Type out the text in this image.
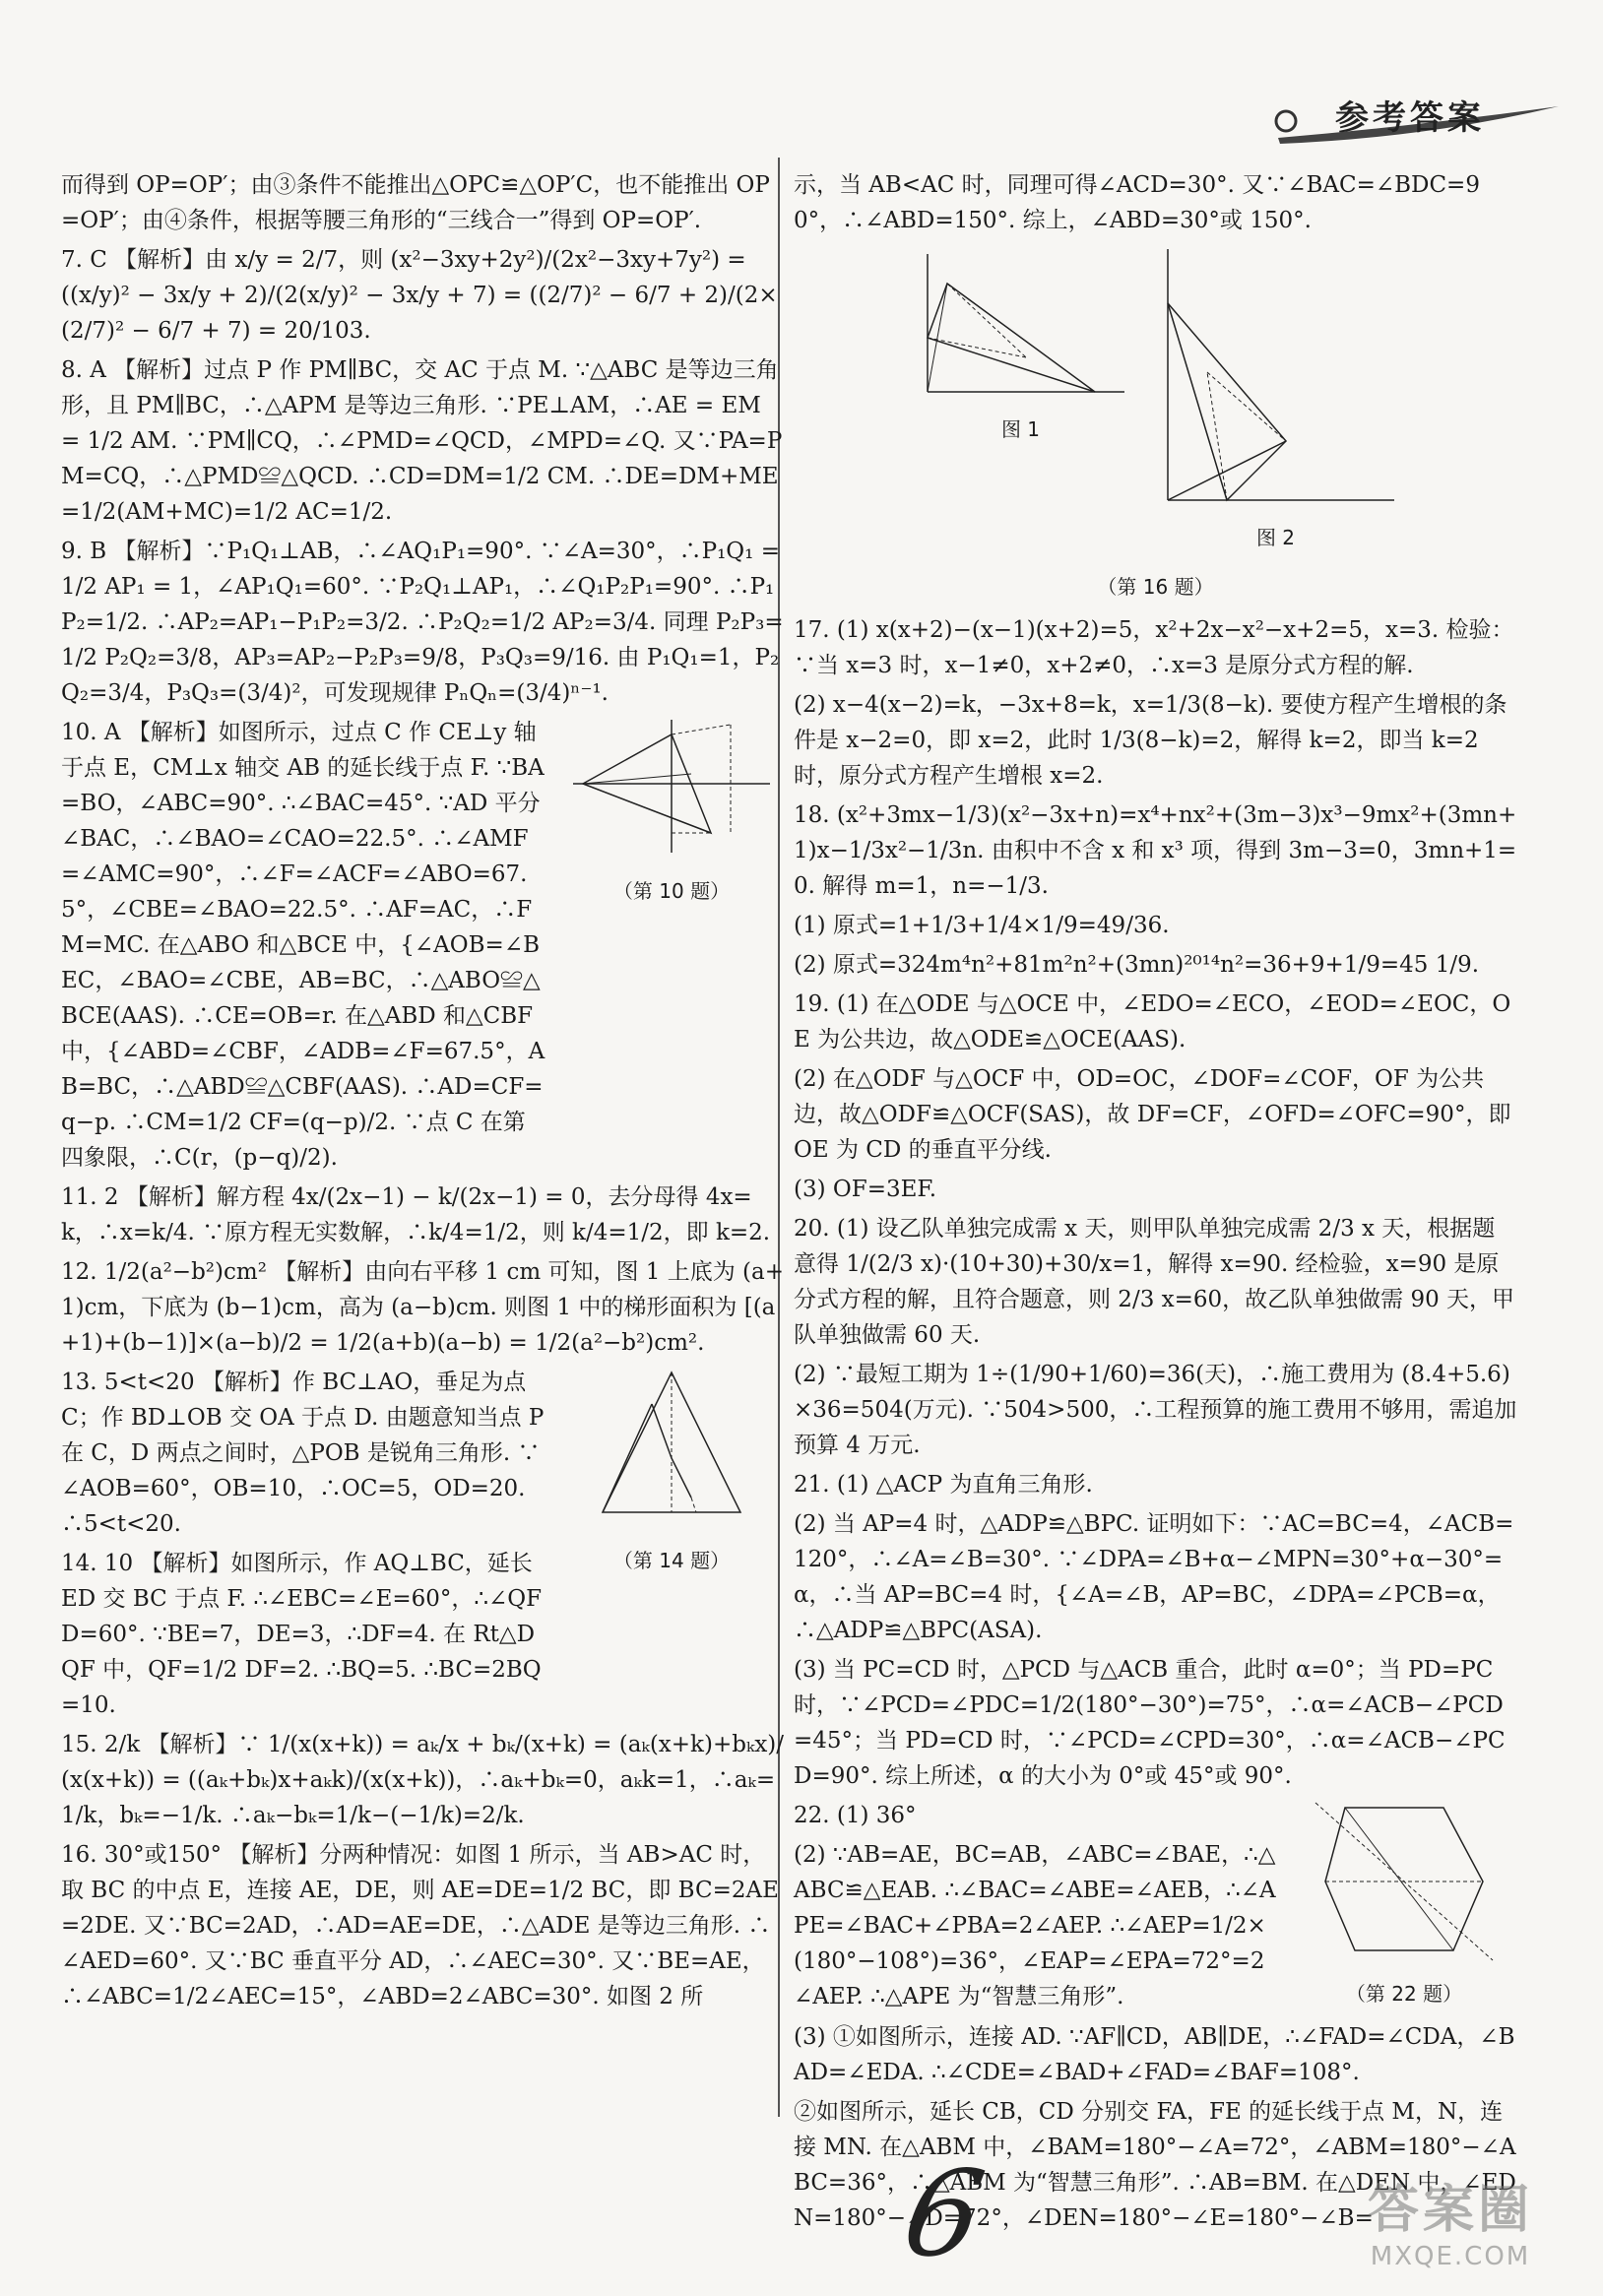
参考答案

而得到 OP=OP′；由③条件不能推出△OPC≌△OP′C，也不能推出 OP=OP′；由④条件，根据等腰三角形的“三线合一”得到 OP=OP′.

7. C 【解析】由 x/y = 2/7，则 (x²−3xy+2y²)/(2x²−3xy+7y²) = ((x/y)² − 3x/y + 2)/(2(x/y)² − 3x/y + 7) = ((2/7)² − 6/7 + 2)/(2×(2/7)² − 6/7 + 7) = 20/103.

8. A 【解析】过点 P 作 PM∥BC，交 AC 于点 M. ∵△ABC 是等边三角形，且 PM∥BC，∴△APM 是等边三角形. ∵PE⊥AM，∴AE = EM = 1/2 AM. ∵PM∥CQ，∴∠PMD=∠QCD，∠MPD=∠Q. 又∵PA=PM=CQ，∴△PMD≌△QCD. ∴CD=DM=1/2 CM. ∴DE=DM+ME=1/2(AM+MC)=1/2 AC=1/2.

9. B 【解析】∵P₁Q₁⊥AB，∴∠AQ₁P₁=90°. ∵∠A=30°，∴P₁Q₁ = 1/2 AP₁ = 1，∠AP₁Q₁=60°. ∵P₂Q₁⊥AP₁，∴∠Q₁P₂P₁=90°. ∴P₁P₂=1/2. ∴AP₂=AP₁−P₁P₂=3/2. ∴P₂Q₂=1/2 AP₂=3/4. 同理 P₂P₃=1/2 P₂Q₂=3/8，AP₃=AP₂−P₂P₃=9/8，P₃Q₃=9/16. 由 P₁Q₁=1，P₂Q₂=3/4，P₃Q₃=(3/4)²，可发现规律 PₙQₙ=(3/4)ⁿ⁻¹.

10. A 【解析】如图所示，过点 C 作 CE⊥y 轴于点 E，CM⊥x 轴交 AB 的延长线于点 F. ∵BA=BO，∠ABC=90°. ∴∠BAC=45°. ∵AD 平分∠BAC，∴∠BAO=∠CAO=22.5°. ∴∠AMF=∠AMC=90°，∴∠F=∠ACF=∠ABO=67.5°，∠CBE=∠BAO=22.5°. ∴AF=AC，∴FM=MC. 在△ABO 和△BCE 中，{∠AOB=∠BEC，∠BAO=∠CBE，AB=BC，∴△ABO≌△BCE(AAS). ∴CE=OB=r. 在△ABD 和△CBF 中，{∠ABD=∠CBF，∠ADB=∠F=67.5°，AB=BC，∴△ABD≌△CBF(AAS). ∴AD=CF=q−p. ∴CM=1/2 CF=(q−p)/2. ∵点 C 在第四象限，∴C(r，(p−q)/2).

（第 10 题）

11. 2 【解析】解方程 4x/(2x−1) − k/(2x−1) = 0，去分母得 4x=k，∴x=k/4. ∵原方程无实数解，∴k/4=1/2，则 k/4=1/2，即 k=2.

12. 1/2(a²−b²)cm² 【解析】由向右平移 1 cm 可知，图 1 上底为 (a+1)cm，下底为 (b−1)cm，高为 (a−b)cm. 则图 1 中的梯形面积为 [(a+1)+(b−1)]×(a−b)/2 = 1/2(a+b)(a−b) = 1/2(a²−b²)cm².

13. 5<t<20 【解析】作 BC⊥AO，垂足为点 C；作 BD⊥OB 交 OA 于点 D. 由题意知当点 P 在 C，D 两点之间时，△POB 是锐角三角形. ∵∠AOB=60°，OB=10，∴OC=5，OD=20. ∴5<t<20.

14. 10 【解析】如图所示，作 AQ⊥BC，延长 ED 交 BC 于点 F. ∴∠EBC=∠E=60°，∴∠QFD=60°. ∵BE=7，DE=3，∴DF=4. 在 Rt△DQF 中，QF=1/2 DF=2. ∴BQ=5. ∴BC=2BQ=10.

（第 14 题）

15. 2/k 【解析】∵ 1/(x(x+k)) = aₖ/x + bₖ/(x+k) = (aₖ(x+k)+bₖx)/(x(x+k)) = ((aₖ+bₖ)x+aₖk)/(x(x+k))，∴aₖ+bₖ=0，aₖk=1，∴aₖ=1/k，bₖ=−1/k. ∴aₖ−bₖ=1/k−(−1/k)=2/k.

16. 30°或150° 【解析】分两种情况：如图 1 所示，当 AB>AC 时，取 BC 的中点 E，连接 AE，DE，则 AE=DE=1/2 BC，即 BC=2AE=2DE. 又∵BC=2AD，∴AD=AE=DE，∴△ADE 是等边三角形. ∴∠AED=60°. 又∵BC 垂直平分 AD，∴∠AEC=30°. 又∵BE=AE，∴∠ABC=1/2∠AEC=15°，∠ABD=2∠ABC=30°. 如图 2 所

示，当 AB<AC 时，同理可得∠ACD=30°. 又∵∠BAC=∠BDC=90°，∴∠ABD=150°. 综上，∠ABD=30°或 150°.

图 1
图 2
（第 16 题）

17. (1) x(x+2)−(x−1)(x+2)=5，x²+2x−x²−x+2=5，x=3. 检验：∵当 x=3 时，x−1≠0，x+2≠0，∴x=3 是原分式方程的解.

(2) x−4(x−2)=k，−3x+8=k，x=1/3(8−k). 要使方程产生增根的条件是 x−2=0，即 x=2，此时 1/3(8−k)=2，解得 k=2，即当 k=2 时，原分式方程产生增根 x=2.

18. (x²+3mx−1/3)(x²−3x+n)=x⁴+nx²+(3m−3)x³−9mx²+(3mn+1)x−1/3x²−1/3n. 由积中不含 x 和 x³ 项，得到 3m−3=0，3mn+1=0. 解得 m=1，n=−1/3.

(1) 原式=1+1/3+1/4×1/9=49/36.

(2) 原式=324m⁴n²+81m²n²+(3mn)²⁰¹⁴n²=36+9+1/9=45 1/9.

19. (1) 在△ODE 与△OCE 中，∠EDO=∠ECO，∠EOD=∠EOC，OE 为公共边，故△ODE≌△OCE(AAS).

(2) 在△ODF 与△OCF 中，OD=OC，∠DOF=∠COF，OF 为公共边，故△ODF≌△OCF(SAS)，故 DF=CF，∠OFD=∠OFC=90°，即 OE 为 CD 的垂直平分线.

(3) OF=3EF.

20. (1) 设乙队单独完成需 x 天，则甲队单独完成需 2/3 x 天，根据题意得 1/(2/3 x)·(10+30)+30/x=1，解得 x=90. 经检验，x=90 是原分式方程的解，且符合题意，则 2/3 x=60，故乙队单独做需 90 天，甲队单独做需 60 天.

(2) ∵最短工期为 1÷(1/90+1/60)=36(天)，∴施工费用为 (8.4+5.6)×36=504(万元). ∵504>500，∴工程预算的施工费用不够用，需追加预算 4 万元.

21. (1) △ACP 为直角三角形.

(2) 当 AP=4 时，△ADP≌△BPC. 证明如下：∵AC=BC=4，∠ACB=120°，∴∠A=∠B=30°. ∵∠DPA=∠B+α−∠MPN=30°+α−30°=α，∴当 AP=BC=4 时，{∠A=∠B，AP=BC，∠DPA=∠PCB=α，∴△ADP≌△BPC(ASA).

(3) 当 PC=CD 时，△PCD 与△ACB 重合，此时 α=0°；当 PD=PC 时，∵∠PCD=∠PDC=1/2(180°−30°)=75°，∴α=∠ACB−∠PCD=45°；当 PD=CD 时，∵∠PCD=∠CPD=30°，∴α=∠ACB−∠PCD=90°. 综上所述，α 的大小为 0°或 45°或 90°.

22. (1) 36°

(2) ∵AB=AE，BC=AB，∠ABC=∠BAE，∴△ABC≌△EAB. ∴∠BAC=∠ABE=∠AEB，∴∠APE=∠BAC+∠PBA=2∠AEP. ∴∠AEP=1/2×(180°−108°)=36°，∠EAP=∠EPA=72°=2∠AEP. ∴△APE 为“智慧三角形”.	（第 22 题）

(3) ①如图所示，连接 AD. ∵AF∥CD，AB∥DE，∴∠FAD=∠CDA，∠BAD=∠EDA. ∴∠CDE=∠BAD+∠FAD=∠BAF=108°.

②如图所示，延长 CB，CD 分别交 FA，FE 的延长线于点 M，N，连接 MN. 在△ABM 中，∠BAM=180°−∠A=72°，∠ABM=180°−∠ABC=36°，∴△ABM 为“智慧三角形”. ∴AB=BM. 在△DEN 中，∠EDN=180°−∠D=72°，∠DEN=180°−∠E=180°−∠B=

6	答案圈
MXQE.COM
